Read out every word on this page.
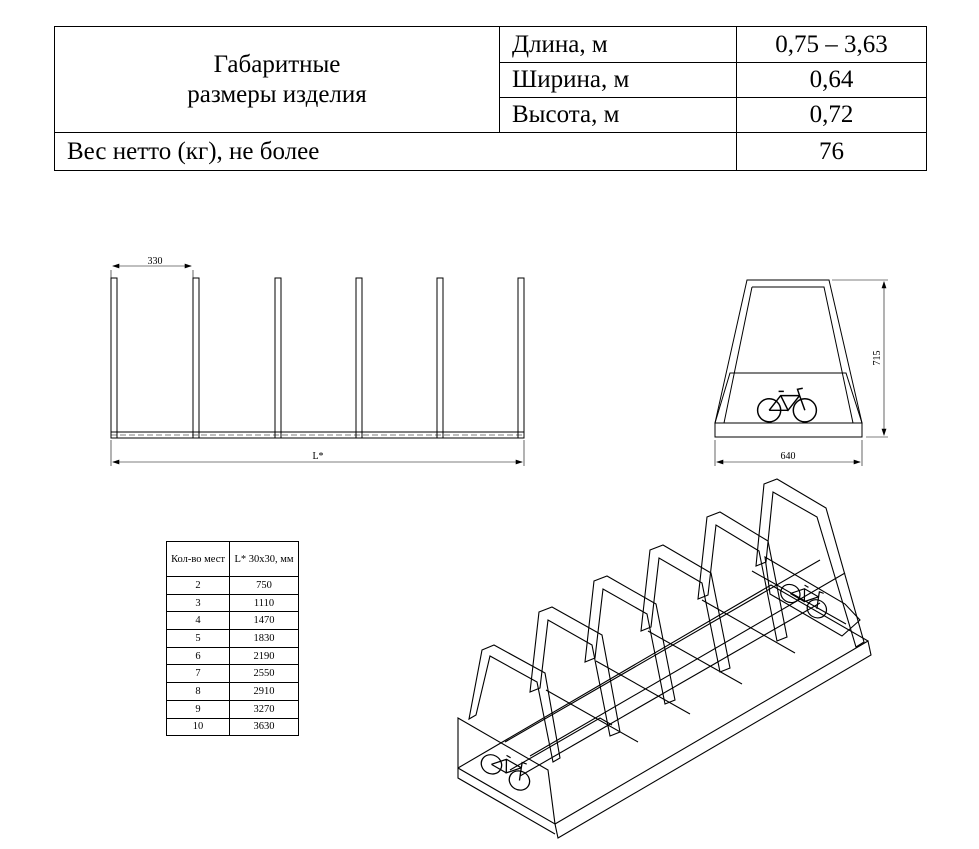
Габаритные размеры изделия	Длина, м	0,75 – 3,63
	Ширина, м	0,64
	Высота, м	0,72
Вес нетто (кг), не более		76
330
L*	640
715
Кол-во мест	L* 30х30, мм
2	750
3	1110
4	1470
5	1830
6	2190
7	2550
8	2910
9	3270
10	3630
